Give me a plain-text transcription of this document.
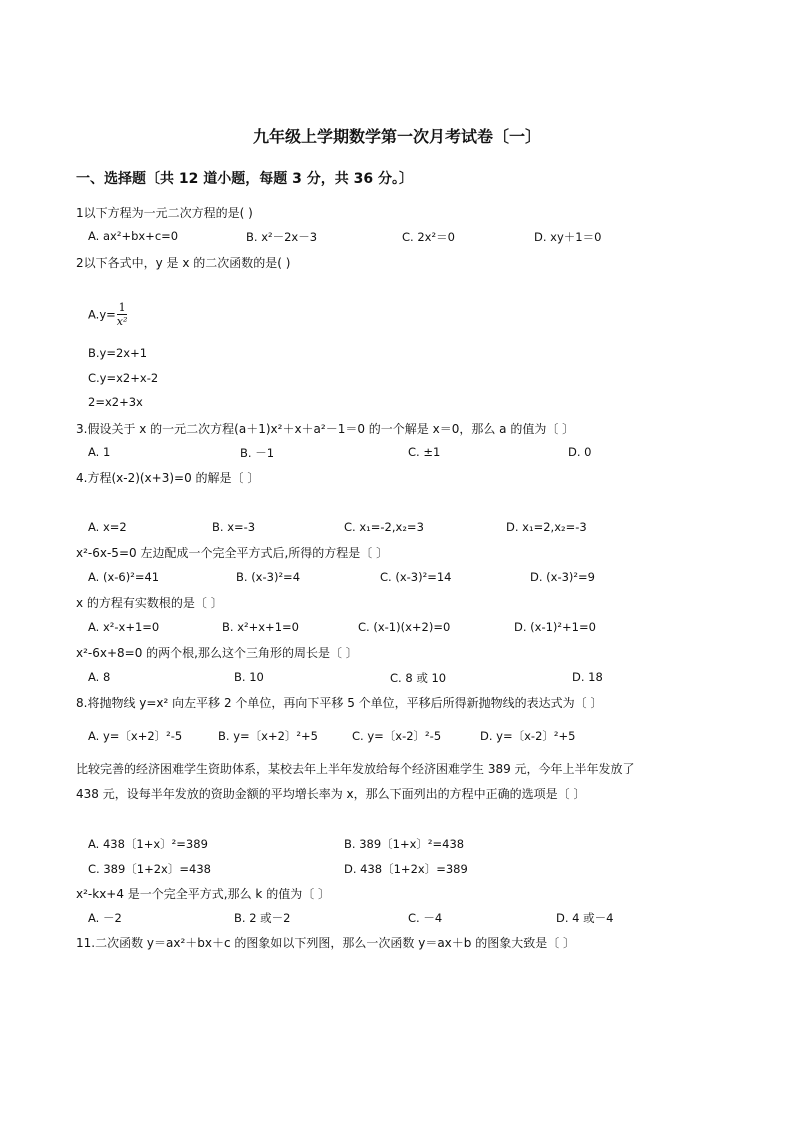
九年级上学期数学第一次月考试卷〔一〕
一、选择题〔共 12 道小题，每题 3 分，共 36 分。〕
1以下方程为一元二次方程的是( )
A. ax²+bx+c=0	B. x²－2x－3	C. 2x²＝0	D. xy＋1＝0
2以下各式中，y 是 x 的二次函数的是( )
$A.y= \frac{1}{\text{x²}}$
B.y=2x+1
C.y=x2+x-2
2=x2+3x
3.假设关于 x 的一元二次方程(a＋1)x²＋x＋a²－1＝0 的一个解是 x＝0，那么 a 的值为〔 〕
A. 1	B. －1	C. ±1	D. 0
4.方程(x-2)(x+3)=0 的解是〔 〕
A. x=2	B. x=-3	C. x₁=-2,x₂=3	D. x₁=2,x₂=-3
x²-6x-5=0 左边配成一个完全平方式后,所得的方程是〔 〕
A. (x-6)²=41	B. (x-3)²=4	C. (x-3)²=14	D. (x-3)²=9
x 的方程有实数根的是〔 〕
A. x²-x+1=0	B. x²+x+1=0	C. (x-1)(x+2)=0	D. (x-1)²+1=0
x²-6x+8=0 的两个根,那么这个三角形的周长是〔 〕
A. 8	B. 10	C. 8 或 10	D. 18
8.将抛物线 y=x² 向左平移 2 个单位，再向下平移 5 个单位，平移后所得新抛物线的表达式为〔 〕
A. y=〔x+2〕²-5	B. y=〔x+2〕²+5	C. y=〔x-2〕²-5	D. y=〔x-2〕²+5
比较完善的经济困难学生资助体系，某校去年上半年发放给每个经济困难学生 389 元，今年上半年发放了
438 元，设每半年发放的资助金额的平均增长率为 x，那么下面列出的方程中正确的选项是〔 〕
A. 438〔1+x〕²=389	B. 389〔1+x〕²=438
C. 389〔1+2x〕=438	D. 438〔1+2x〕=389
x²-kx+4 是一个完全平方式,那么 k 的值为〔 〕
A. －2	B. 2 或－2	C. －4	D. 4 或－4
11.二次函数 y＝ax²＋bx＋c 的图象如以下列图，那么一次函数 y＝ax＋b 的图象大致是〔 〕
